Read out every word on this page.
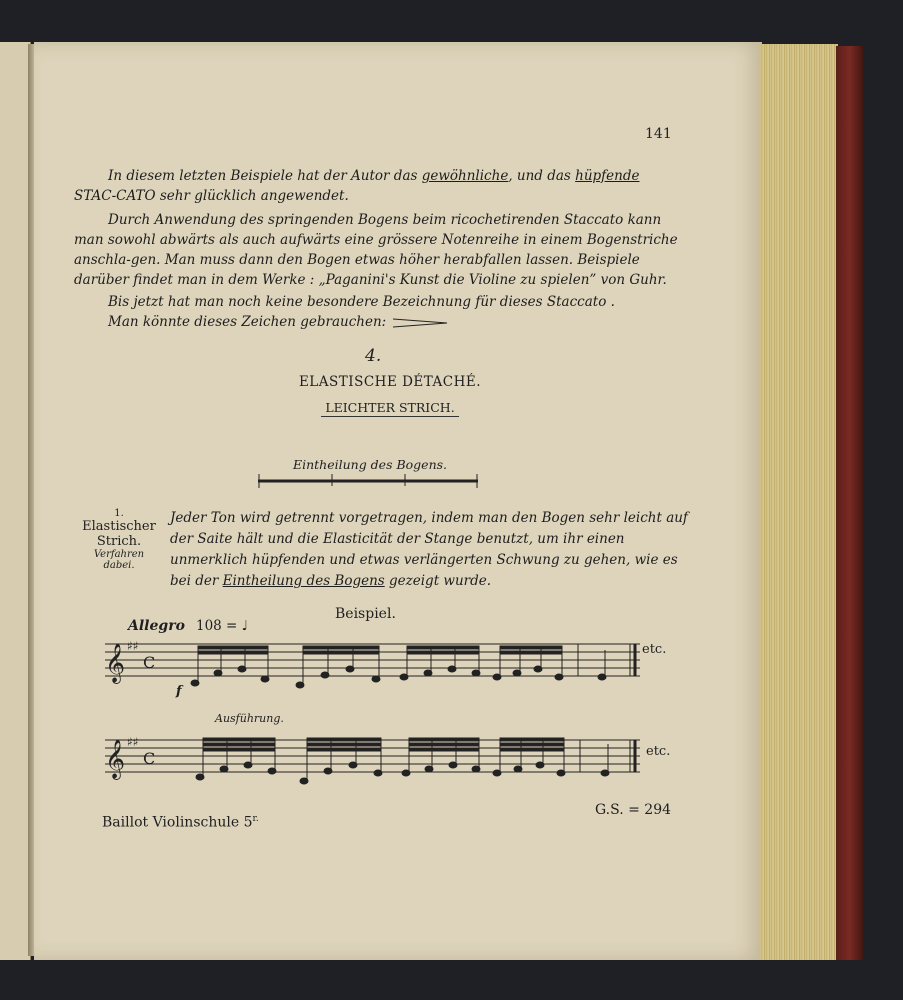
141

In diesem letzten Beispiele hat der Autor das gewöhnliche, und das hüpfende STAC-CATO sehr glücklich angewendet.

Durch Anwendung des springenden Bogens beim ricochetirenden Staccato kann man sowohl abwärts als auch aufwärts eine grössere Notenreihe in einem Bogenstriche anschla-gen. Man muss dann den Bogen etwas höher herabfallen lassen. Beispiele darüber findet man in dem Werke : „Paganini's Kunst die Violine zu spielen” von Guhr.

Bis jetzt hat man noch keine besondere Bezeichnung für dieses Staccato .

Man könnte dieses Zeichen gebrauchen:

4.
ELASTISCHE DÉTACHÉ.
LEICHTER STRICH.
Eintheilung des Bogens.
1.
Elastischer
Strich.
Verfahren
dabei.
Jeder Ton wird getrennt vorgetragen, indem man den Bogen sehr leicht auf der Saite hält und die Elasticität der Stange benutzt, um ihr einen unmerklich hüpfenden und etwas verlängerten Schwung zu gehen, wie es bei der Eintheilung des Bogens gezeigt wurde.
Beispiel.
Allegro 108 = ♩
𝄞 ♯♯
C
f
etc.
Ausführung.
𝄞 ♯♯
C	etc.
Baillot Violinschule $5^{r.}$
G.S. = 294
